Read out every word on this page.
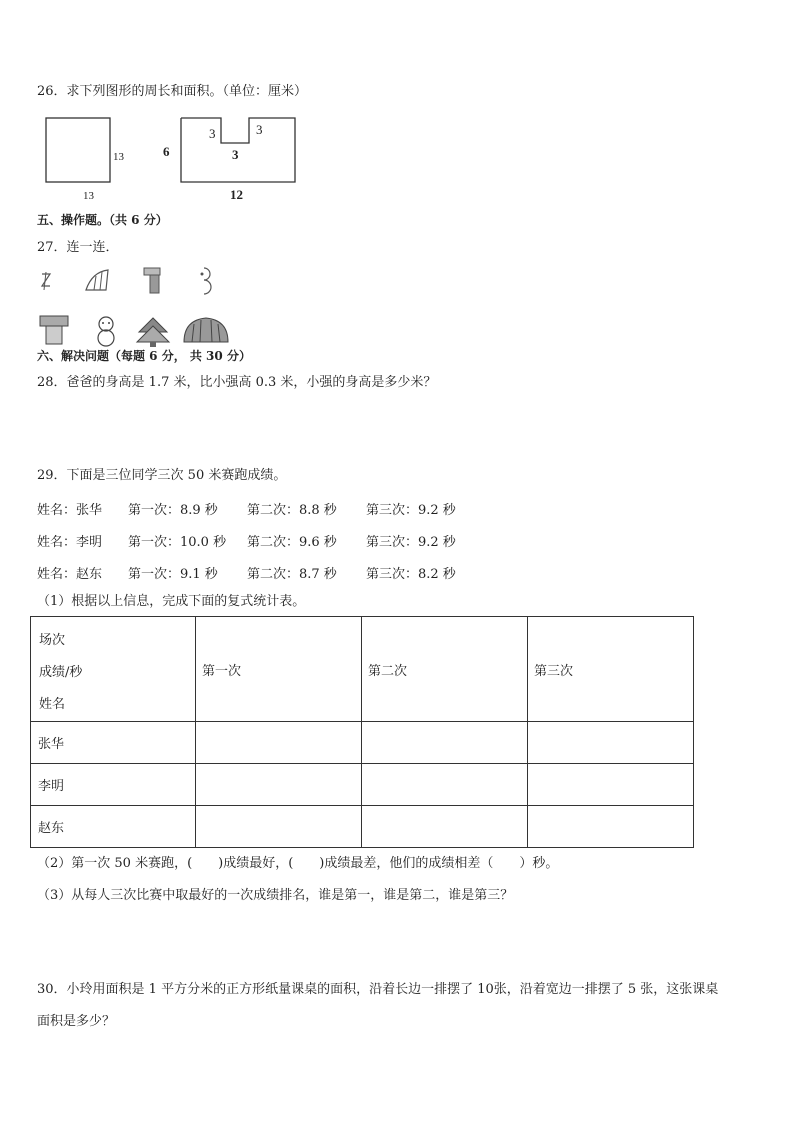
26．求下列图形的周长和面积。（单位：厘米）
13
13
6
3	3
3
12
五、操作题。（共 6 分）
27．连一连．
六、解决问题（每题 6 分， 共 30 分）
28．爸爸的身高是 1.7 米，比小强高 0.3 米，小强的身高是多少米？
29．下面是三位同学三次 50 米赛跑成绩。
姓名：张华 第一次：8.9 秒 第二次：8.8 秒 第三次：9.2 秒
姓名：李明 第一次：10.0 秒 第二次：9.6 秒 第三次：9.2 秒
姓名：赵东 第一次：9.1 秒 第二次：8.7 秒 第三次：8.2 秒
（1）根据以上信息，完成下面的复式统计表。
场次
成绩/秒
姓名	第一次	第二次	第三次
张华			
李明			
赵东			
（2）第一次 50 米赛跑，(　　)成绩最好，(　　)成绩最差，他们的成绩相差（　　）秒。
（3）从每人三次比赛中取最好的一次成绩排名，谁是第一，谁是第二，谁是第三？
30．小玲用面积是 1 平方分米的正方形纸量课桌的面积，沿着长边一排摆了 10张，沿着宽边一排摆了 5 张，这张课桌
面积是多少？
